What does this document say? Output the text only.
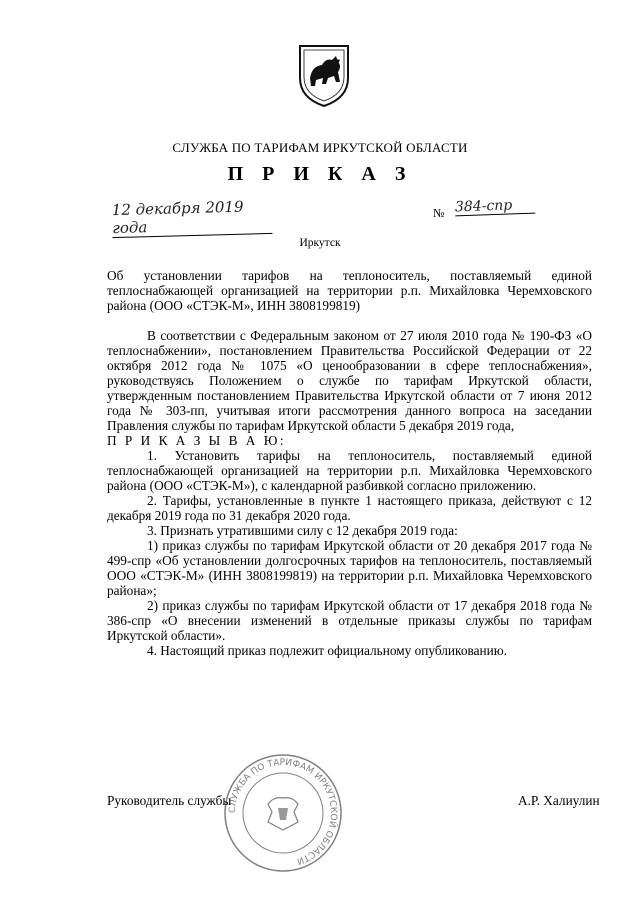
СЛУЖБА ПО ТАРИФАМ ИРКУТСКОЙ ОБЛАСТИ
П Р И К А З
12 декабря 2019 года
№ 384-спр
Иркутск
Об установлении тарифов на теплоноситель, поставляемый единой теплоснабжающей организацией на территории р.п. Михайловка Черемховского района (ООО «СТЭК-М», ИНН 3808199819)

В соответствии с Федеральным законом от 27 июля 2010 года № 190-ФЗ «О теплоснабжении», постановлением Правительства Российской Федерации от 22 октября 2012 года № 1075 «О ценообразовании в сфере теплоснабжения», руководствуясь Положением о службе по тарифам Иркутской области, утвержденным постановлением Правительства Иркутской области от 7 июня 2012 года № 303-пп, учитывая итоги рассмотрения данного вопроса на заседании Правления службы по тарифам Иркутской области 5 декабря 2019 года,

П Р И К А З Ы В А Ю:

1. Установить тарифы на теплоноситель, поставляемый единой теплоснабжающей организацией на территории р.п. Михайловка Черемховского района (ООО «СТЭК-М»), с календарной разбивкой согласно приложению.

2. Тарифы, установленные в пункте 1 настоящего приказа, действуют с 12 декабря 2019 года по 31 декабря 2020 года.

3. Признать утратившими силу с 12 декабря 2019 года:

1) приказ службы по тарифам Иркутской области от 20 декабря 2017 года № 499-спр «Об установлении долгосрочных тарифов на теплоноситель, поставляемый ООО «СТЭК-М» (ИНН 3808199819) на территории р.п. Михайловка Черемховского района»;

2) приказ службы по тарифам Иркутской области от 17 декабря 2018 года № 386-спр «О внесении изменений в отдельные приказы службы по тарифам Иркутской области».

4. Настоящий приказ подлежит официальному опубликованию.

СЛУЖБА ПО ТАРИФАМ ИРКУТСКОЙ ОБЛАСТИ
Руководитель службы	А.Р. Халиулин
